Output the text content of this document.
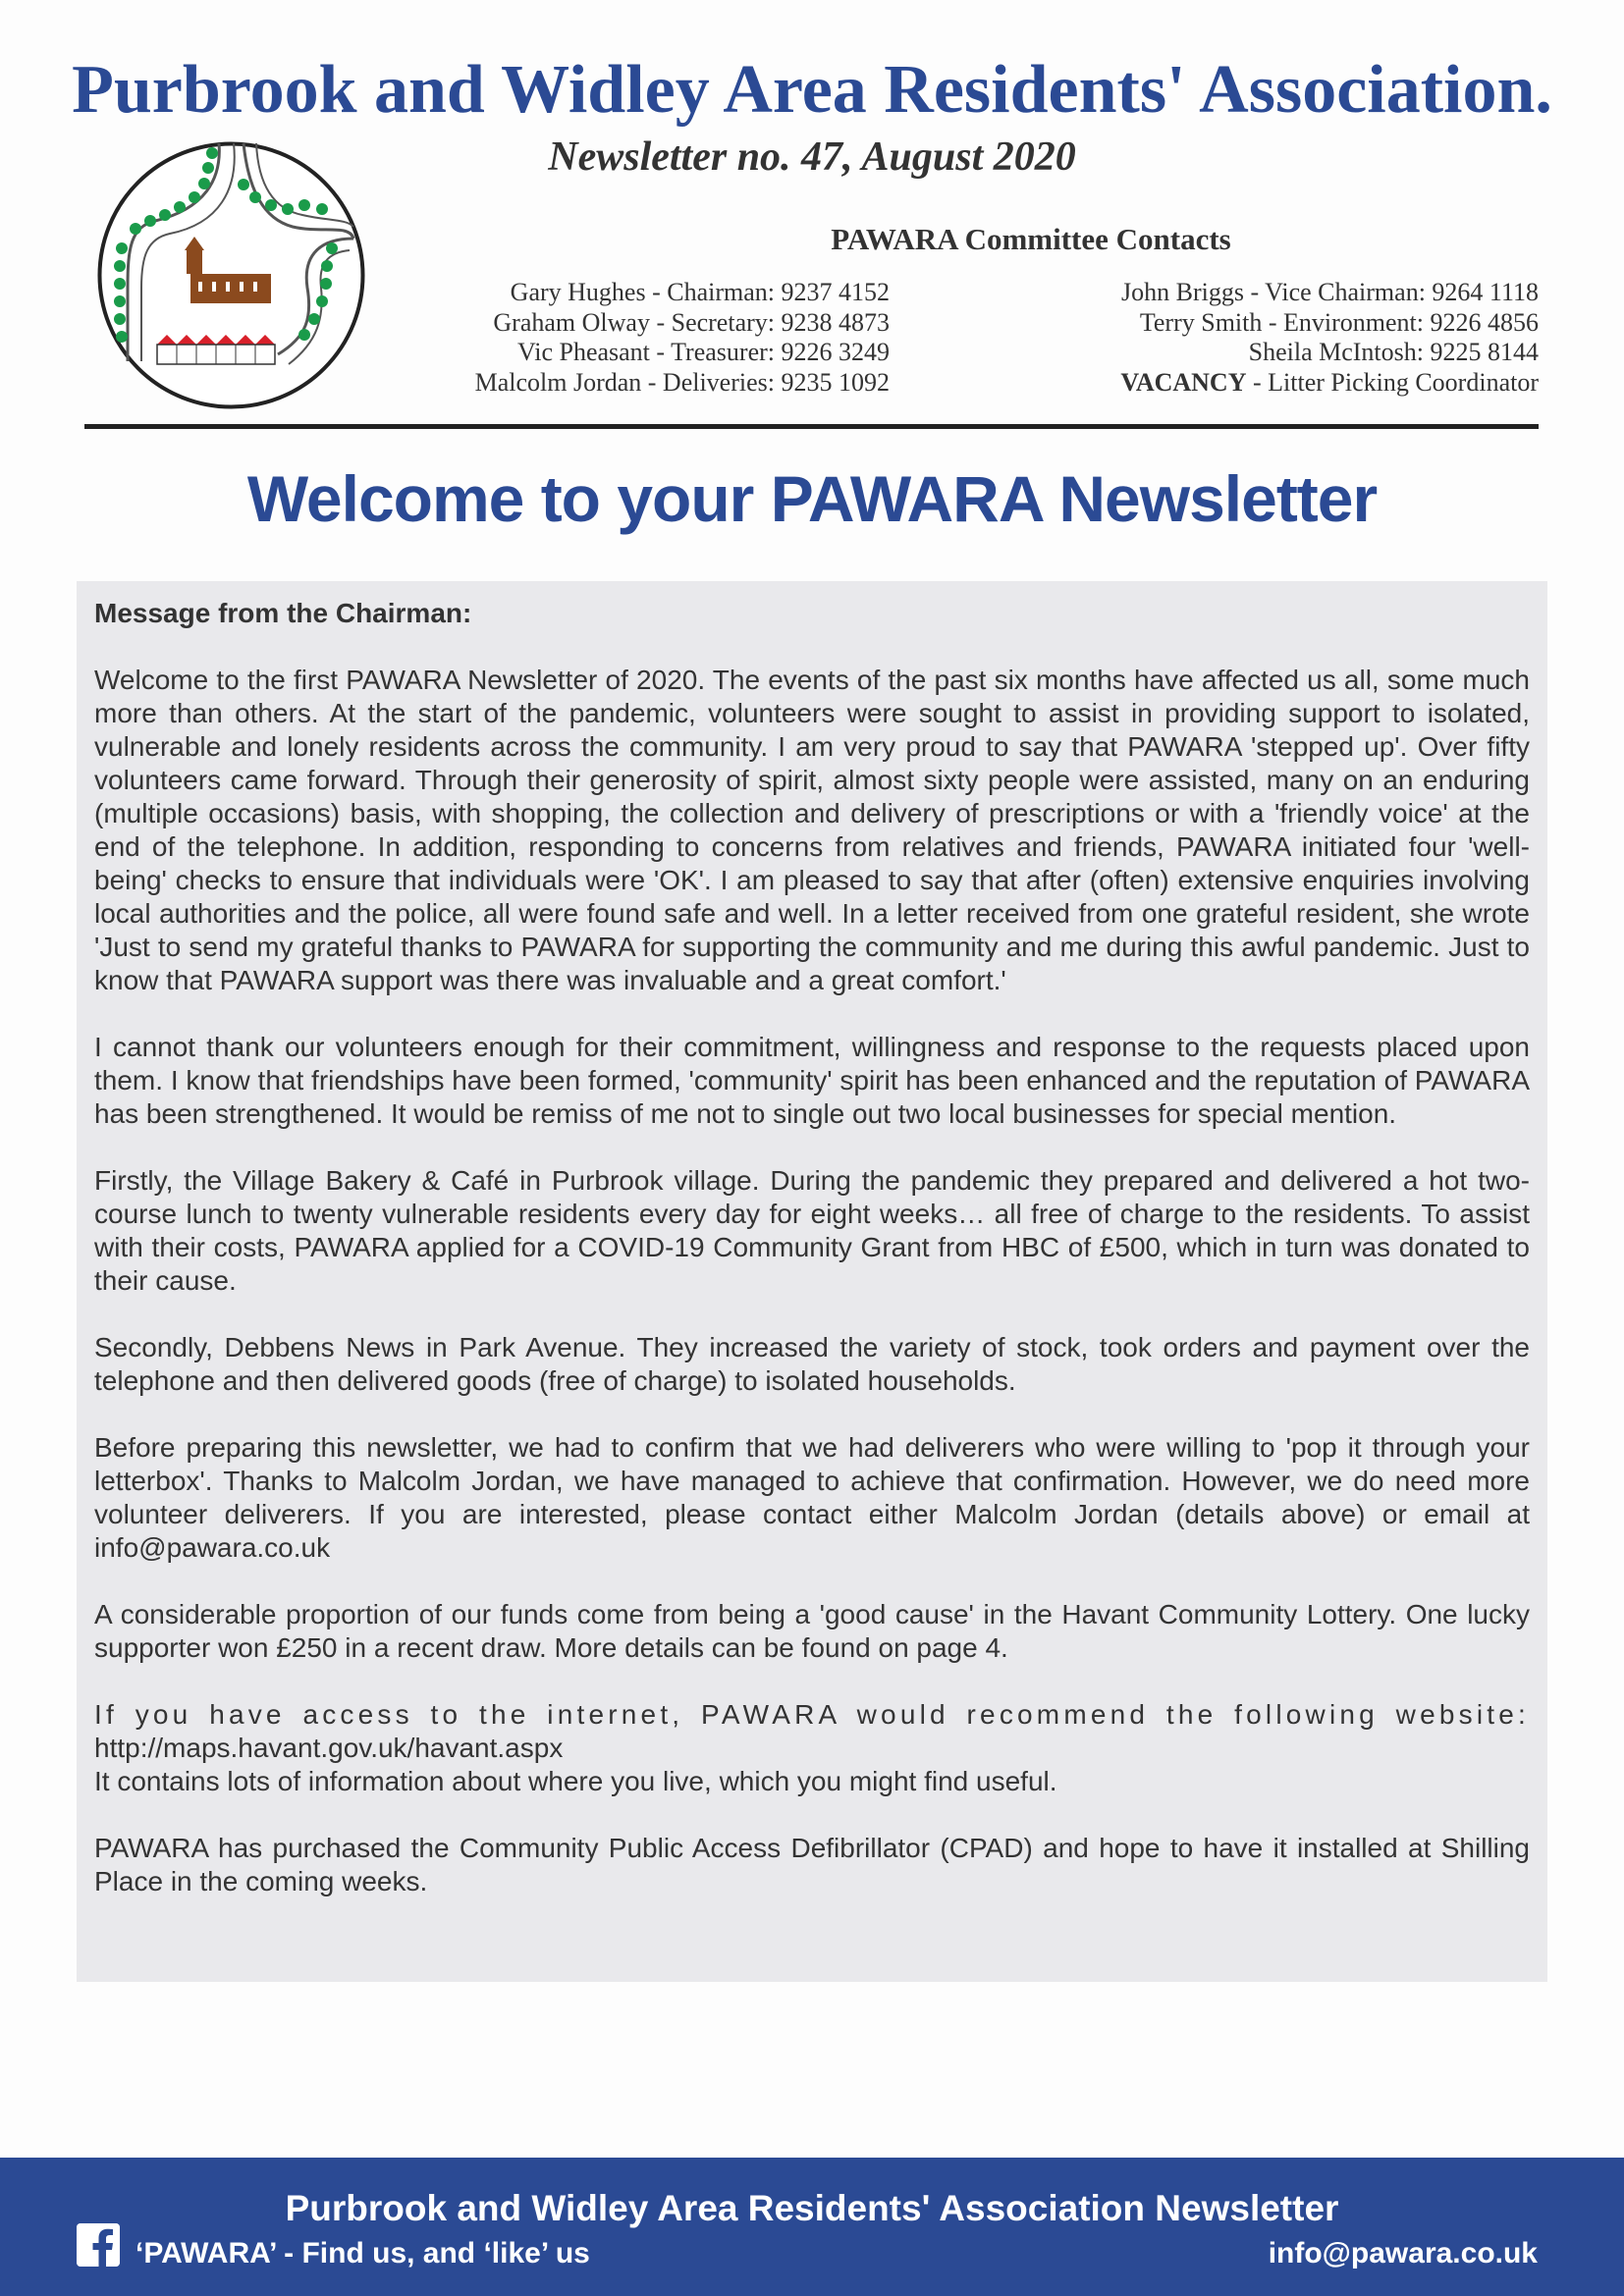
Purbrook and Widley Area Residents' Association.
Newsletter no. 47, August 2020
PAWARA Committee Contacts
Gary Hughes - Chairman: 9237 4152
Graham Olway - Secretary: 9238 4873
Vic Pheasant - Treasurer: 9226 3249
Malcolm Jordan - Deliveries: 9235 1092
John Briggs - Vice Chairman: 9264 1118
Terry Smith - Environment: 9226 4856
Sheila McIntosh: 9225 8144
VACANCY - Litter Picking Coordinator
Welcome to your PAWARA Newsletter
Message from the Chairman:

Welcome to the first PAWARA Newsletter of 2020. The events of the past six months have affected us all, some much more than others. At the start of the pandemic, volunteers were sought to assist in providing support to isolated, vulnerable and lonely residents across the community. I am very proud to say that PAWARA 'stepped up'. Over fifty volunteers came forward. Through their generosity of spirit, almost sixty people were assisted, many on an enduring (multiple occasions) basis, with shopping, the collection and delivery of prescriptions or with a 'friendly voice' at the end of the telephone. In addition, responding to concerns from relatives and friends, PAWARA initiated four 'well-being' checks to ensure that individuals were 'OK'. I am pleased to say that after (often) extensive enquiries involving local authorities and the police, all were found safe and well. In a letter received from one grateful resident, she wrote 'Just to send my grateful thanks to PAWARA for supporting the community and me during this awful pandemic. Just to know that PAWARA support was there was invaluable and a great comfort.'

I cannot thank our volunteers enough for their commitment, willingness and response to the requests placed upon them. I know that friendships have been formed, 'community' spirit has been enhanced and the reputation of PAWARA has been strengthened. It would be remiss of me not to single out two local businesses for special mention.

Firstly, the Village Bakery & Café in Purbrook village. During the pandemic they prepared and delivered a hot two-course lunch to twenty vulnerable residents every day for eight weeks… all free of charge to the residents. To assist with their costs, PAWARA applied for a COVID-19 Community Grant from HBC of £500, which in turn was donated to their cause.

Secondly, Debbens News in Park Avenue. They increased the variety of stock, took orders and payment over the telephone and then delivered goods (free of charge) to isolated households.

Before preparing this newsletter, we had to confirm that we had deliverers who were willing to 'pop it through your letterbox'. Thanks to Malcolm Jordan, we have managed to achieve that confirmation. However, we do need more volunteer deliverers. If you are interested, please contact either Malcolm Jordan (details above) or email at info@pawara.co.uk

A considerable proportion of our funds come from being a 'good cause' in the Havant Community Lottery. One lucky supporter won £250 in a recent draw. More details can be found on page 4.

If you have access to the internet, PAWARA would recommend the following website:
http://maps.havant.gov.uk/havant.aspx
It contains lots of information about where you live, which you might find useful.

PAWARA has purchased the Community Public Access Defibrillator (CPAD) and hope to have it installed at Shilling Place in the coming weeks.

Purbrook and Widley Area Residents' Association Newsletter
‘PAWARA’ - Find us, and ‘like’ us	info@pawara.co.uk
